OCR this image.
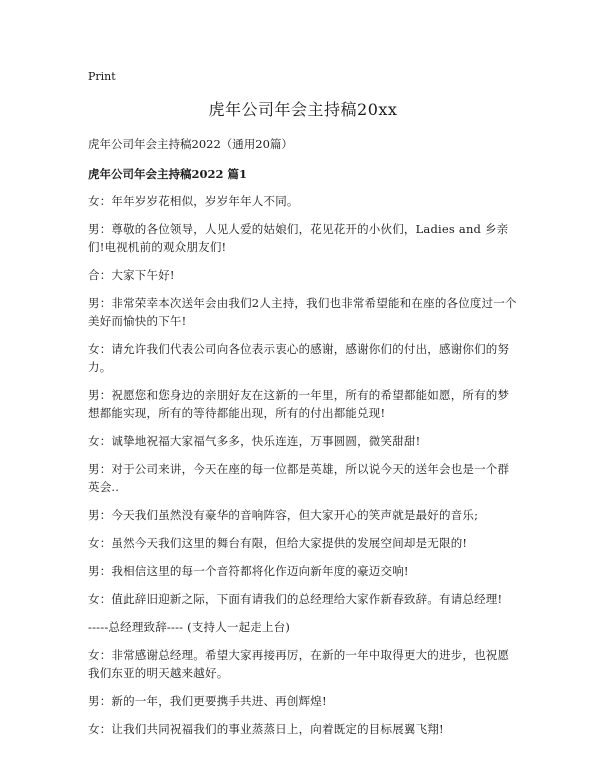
Print
虎年公司年会主持稿20xx
虎年公司年会主持稿2022（通用20篇）
虎年公司年会主持稿2022 篇1

女：年年岁岁花相似，岁岁年年人不同。

男：尊敬的各位领导，人见人爱的姑娘们，花见花开的小伙们，Ladies and 乡亲们!电视机前的观众朋友们!

合：大家下午好!

男：非常荣幸本次送年会由我们2人主持，我们也非常希望能和在座的各位度过一个美好而愉快的下午!

女：请允许我们代表公司向各位表示衷心的感谢，感谢你们的付出，感谢你们的努力。

男：祝愿您和您身边的亲朋好友在这新的一年里，所有的希望都能如愿，所有的梦想都能实现，所有的等待都能出现，所有的付出都能兑现!

女：诚挚地祝福大家福气多多，快乐连连，万事圆圆，微笑甜甜!

男：对于公司来讲，今天在座的每一位都是英雄，所以说今天的送年会也是一个群英会..

男：今天我们虽然没有豪华的音响阵容，但大家开心的笑声就是最好的音乐;

女：虽然今天我们这里的舞台有限，但给大家提供的发展空间却是无限的!

男：我相信这里的每一个音符都将化作迈向新年度的豪迈交响!

女：值此辞旧迎新之际，下面有请我们的总经理给大家作新春致辞。有请总经理!

-----总经理致辞---- (支持人一起走上台)

女：非常感谢总经理。希望大家再接再厉，在新的一年中取得更大的进步，也祝愿我们东亚的明天越来越好。

男：新的一年，我们更要携手共进、再创辉煌!

女：让我们共同祝福我们的事业蒸蒸日上，向着既定的目标展翼飞翔!
